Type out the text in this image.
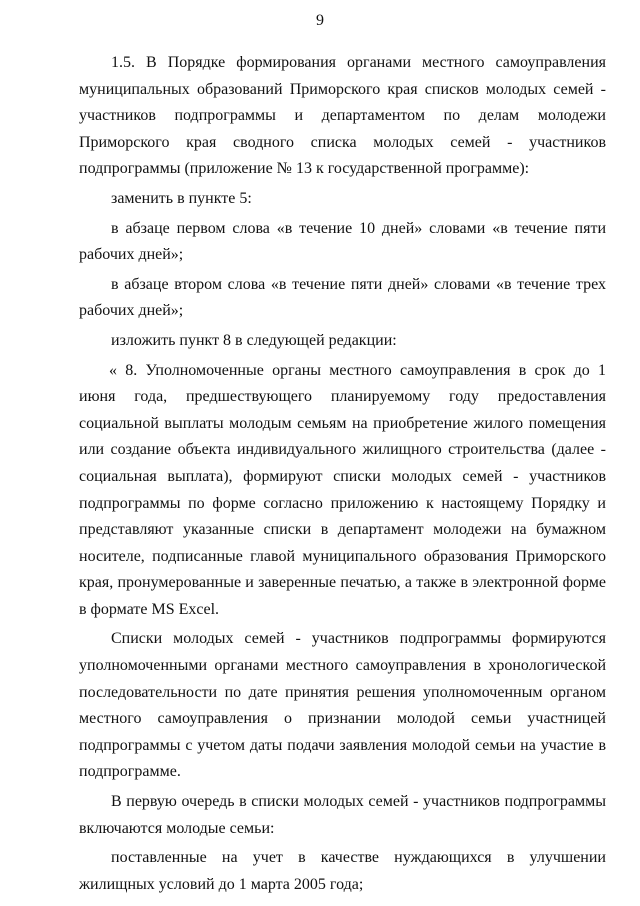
9

1.5. В Порядке формирования органами местного самоуправления муниципальных образований Приморского края списков молодых семей - участников подпрограммы и департаментом по делам молодежи Приморского края сводного списка молодых семей - участников подпрограммы (приложение № 13 к государственной программе):

заменить в пункте 5:

в абзаце первом слова «в течение 10 дней» словами «в течение пяти рабочих дней»;

в абзаце втором слова «в течение пяти дней» словами «в течение трех рабочих дней»;

изложить пункт 8 в следующей редакции:

« 8. Уполномоченные органы местного самоуправления в срок до 1 июня года, предшествующего планируемому году предоставления социальной выплаты молодым семьям на приобретение жилого помещения или создание объекта индивидуального жилищного строительства (далее - социальная выплата), формируют списки молодых семей - участников подпрограммы по форме согласно приложению к настоящему Порядку и представляют указанные списки в департамент молодежи на бумажном носителе, подписанные главой муниципального образования Приморского края, пронумерованные и заверенные печатью, а также в электронной форме в формате MS Excel.

Списки молодых семей - участников подпрограммы формируются уполномоченными органами местного самоуправления в хронологической последовательности по дате принятия решения уполномоченным органом местного самоуправления о признании молодой семьи участницей подпрограммы с учетом даты подачи заявления молодой семьи на участие в подпрограмме.

В первую очередь в списки молодых семей - участников подпрограммы включаются молодые семьи:

поставленные на учет в качестве нуждающихся в улучшении жилищных условий до 1 марта 2005 года;
